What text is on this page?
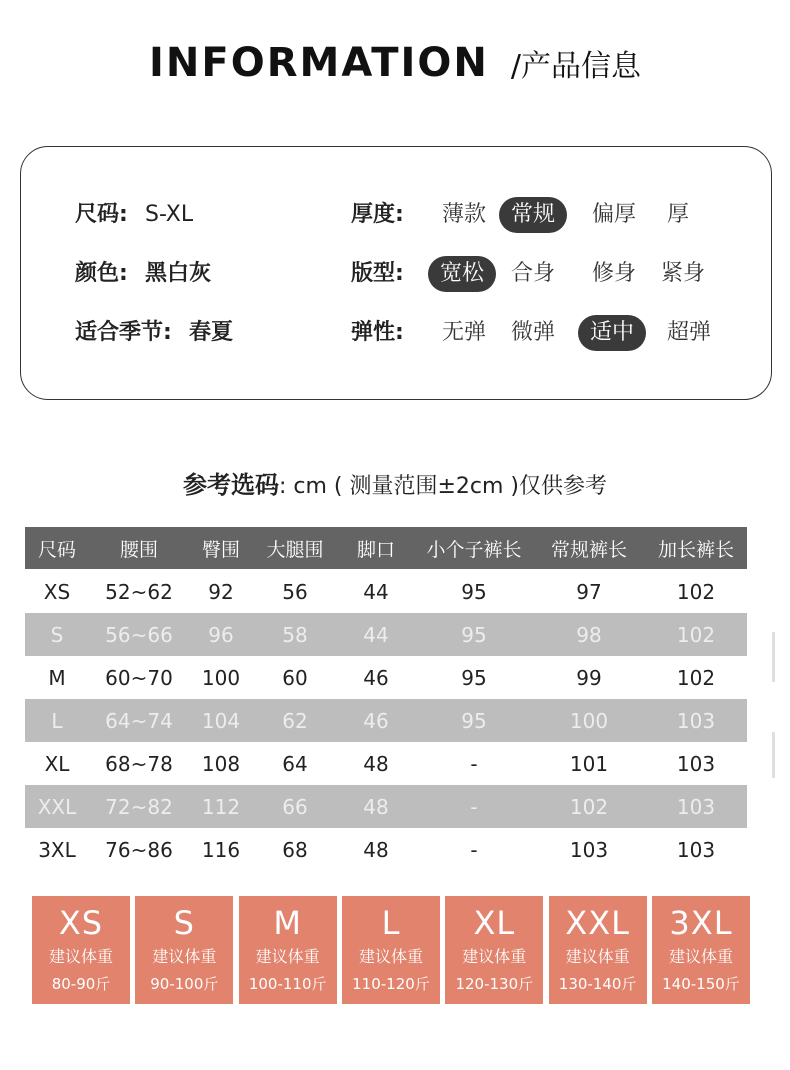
INFORMATION /产品信息
尺码: S-XL	厚度: 薄款	常规	偏厚 厚
颜色: 黑白灰	版型:	宽松	合身 修身 紧身
适合季节: 春夏	弹性: 无弹 微弹	适中	超弹
参考选码: cm ( 测量范围±2cm )仅供参考
尺码	腰围	臀围	大腿围	脚口	小个子裤长	常规裤长	加长裤长

XS	52~62	92	56	44	95	97	102
S	56~66	96	58	44	95	98	102
M	60~70	100	60	46	95	99	102
L	64~74	104	62	46	95	100	103
XL	68~78	108	64	48	-	101	103
XXL	72~82	112	66	48	-	102	103
3XL	76~86	116	68	48	-	103	103
XS
建议体重
80-90斤
S
建议体重
90-100斤
M
建议体重
100-110斤
L
建议体重
110-120斤
XL
建议体重
120-130斤
XXL
建议体重
130-140斤
3XL
建议体重
140-150斤
